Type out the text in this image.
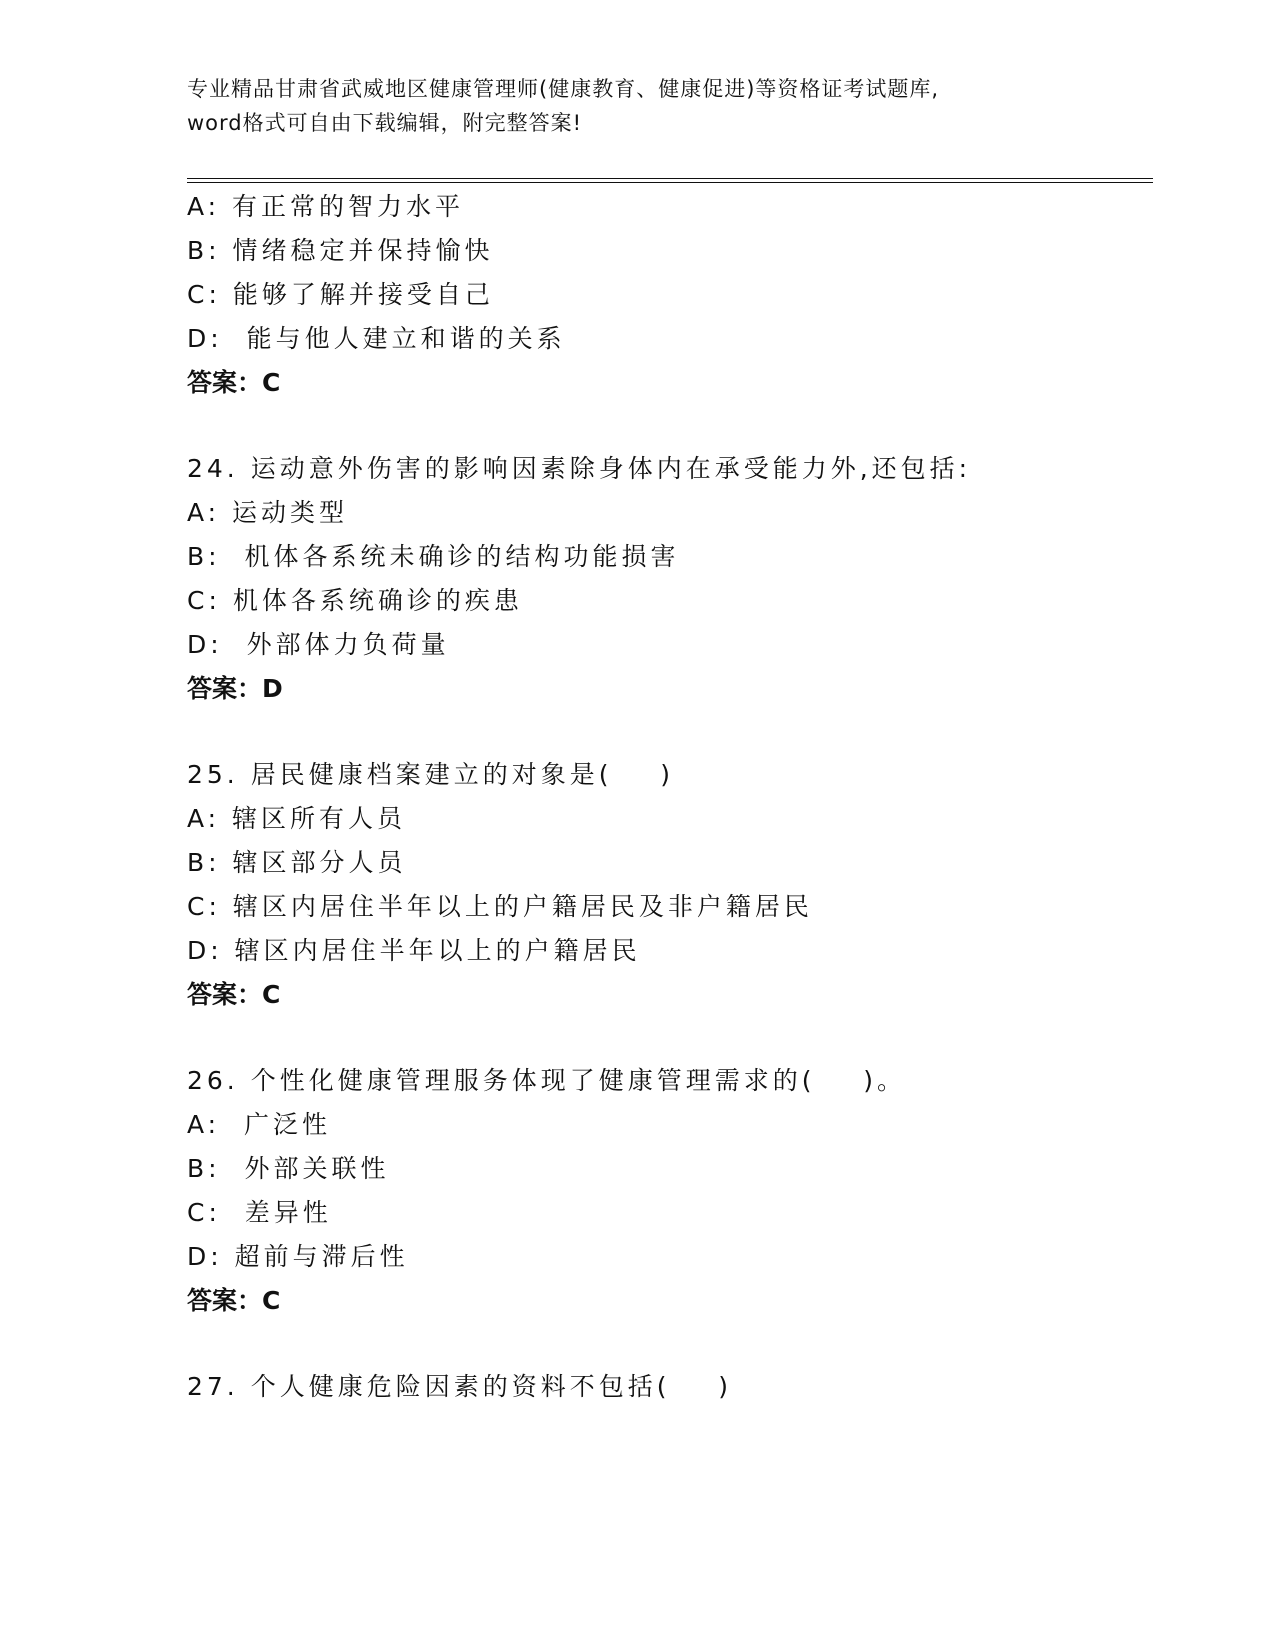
专业精品甘肃省武威地区健康管理师(健康教育、健康促进)等资格证考试题库,
word格式可自由下载编辑，附完整答案!
A: 有正常的智力水平
B: 情绪稳定并保持愉快
C: 能够了解并接受自己
D:  能与他人建立和谐的关系
答案：C
24. 运动意外伤害的影响因素除身体内在承受能力外,还包括:
A: 运动类型
B:  机体各系统未确诊的结构功能损害
C: 机体各系统确诊的疾患
D:  外部体力负荷量
答案：D
25. 居民健康档案建立的对象是(    )
A: 辖区所有人员
B: 辖区部分人员
C: 辖区内居住半年以上的户籍居民及非户籍居民
D: 辖区内居住半年以上的户籍居民
答案：C
26. 个性化健康管理服务体现了健康管理需求的(    )。
A:  广泛性
B:  外部关联性
C:  差异性
D: 超前与滞后性
答案：C
27. 个人健康危险因素的资料不包括(    )
